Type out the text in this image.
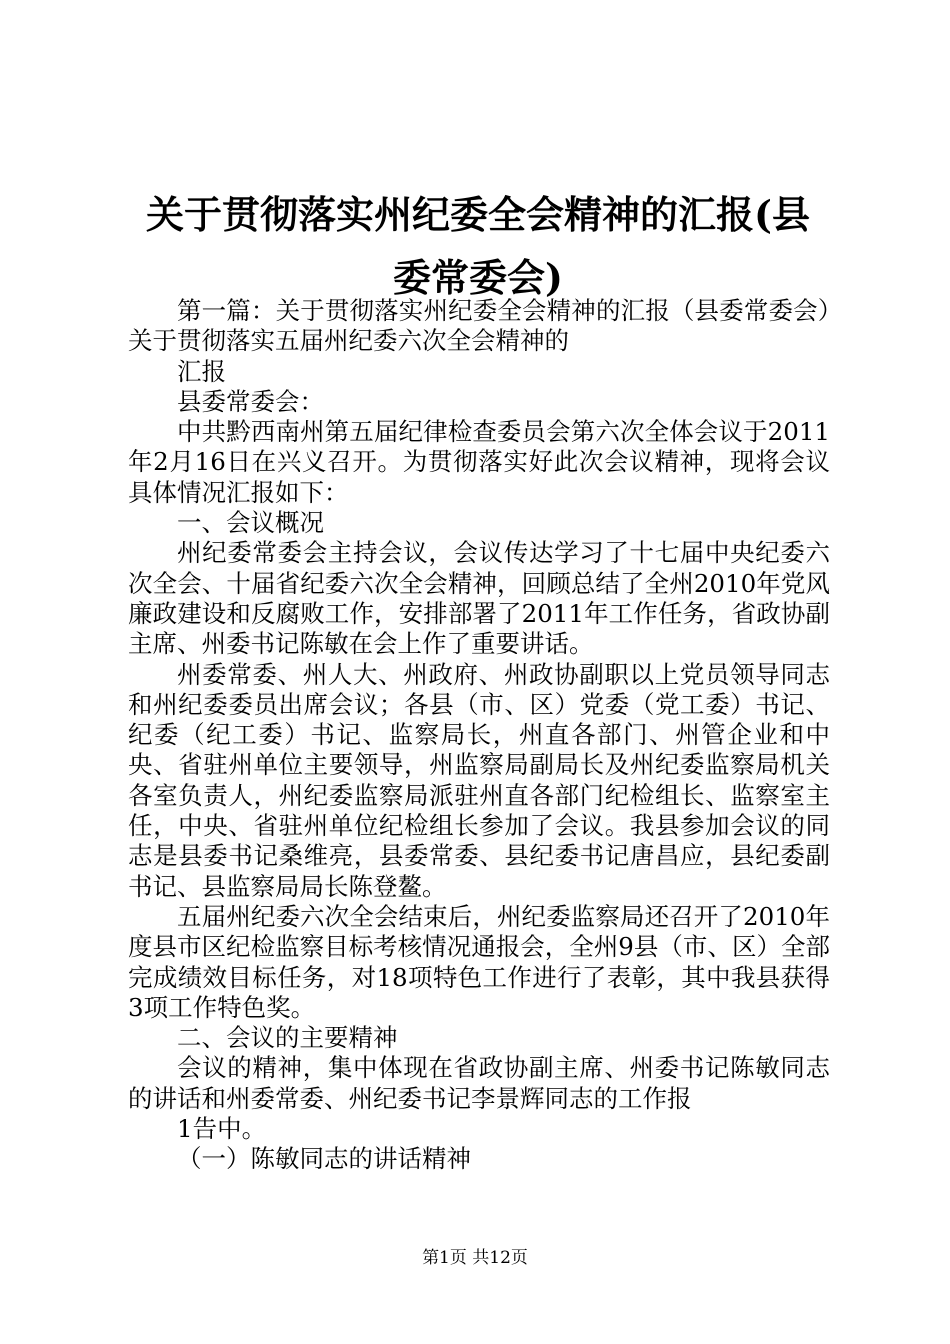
关于贯彻落实州纪委全会精神的汇报(县委常委会)

第一篇：关于贯彻落实州纪委全会精神的汇报（县委常委会）关于贯彻落实五届州纪委六次全会精神的

汇报

县委常委会：

中共黔西南州第五届纪律检查委员会第六次全体会议于2011年2月16日在兴义召开。为贯彻落实好此次会议精神，现将会议具体情况汇报如下：

一、会议概况

州纪委常委会主持会议，会议传达学习了十七届中央纪委六次全会、十届省纪委六次全会精神，回顾总结了全州2010年党风廉政建设和反腐败工作，安排部署了2011年工作任务，省政协副主席、州委书记陈敏在会上作了重要讲话。

州委常委、州人大、州政府、州政协副职以上党员领导同志和州纪委委员出席会议；各县（市、区）党委（党工委）书记、纪委（纪工委）书记、监察局长，州直各部门、州管企业和中央、省驻州单位主要领导，州监察局副局长及州纪委监察局机关各室负责人，州纪委监察局派驻州直各部门纪检组长、监察室主任，中央、省驻州单位纪检组长参加了会议。我县参加会议的同志是县委书记桑维亮，县委常委、县纪委书记唐昌应，县纪委副书记、县监察局局长陈登鳌。

五届州纪委六次全会结束后，州纪委监察局还召开了2010年度县市区纪检监察目标考核情况通报会，全州9县（市、区）全部完成绩效目标任务，对18项特色工作进行了表彰，其中我县获得3项工作特色奖。

二、会议的主要精神

会议的精神，集中体现在省政协副主席、州委书记陈敏同志的讲话和州委常委、州纪委书记李景辉同志的工作报

1告中。

（一）陈敏同志的讲话精神

第1页 共12页
